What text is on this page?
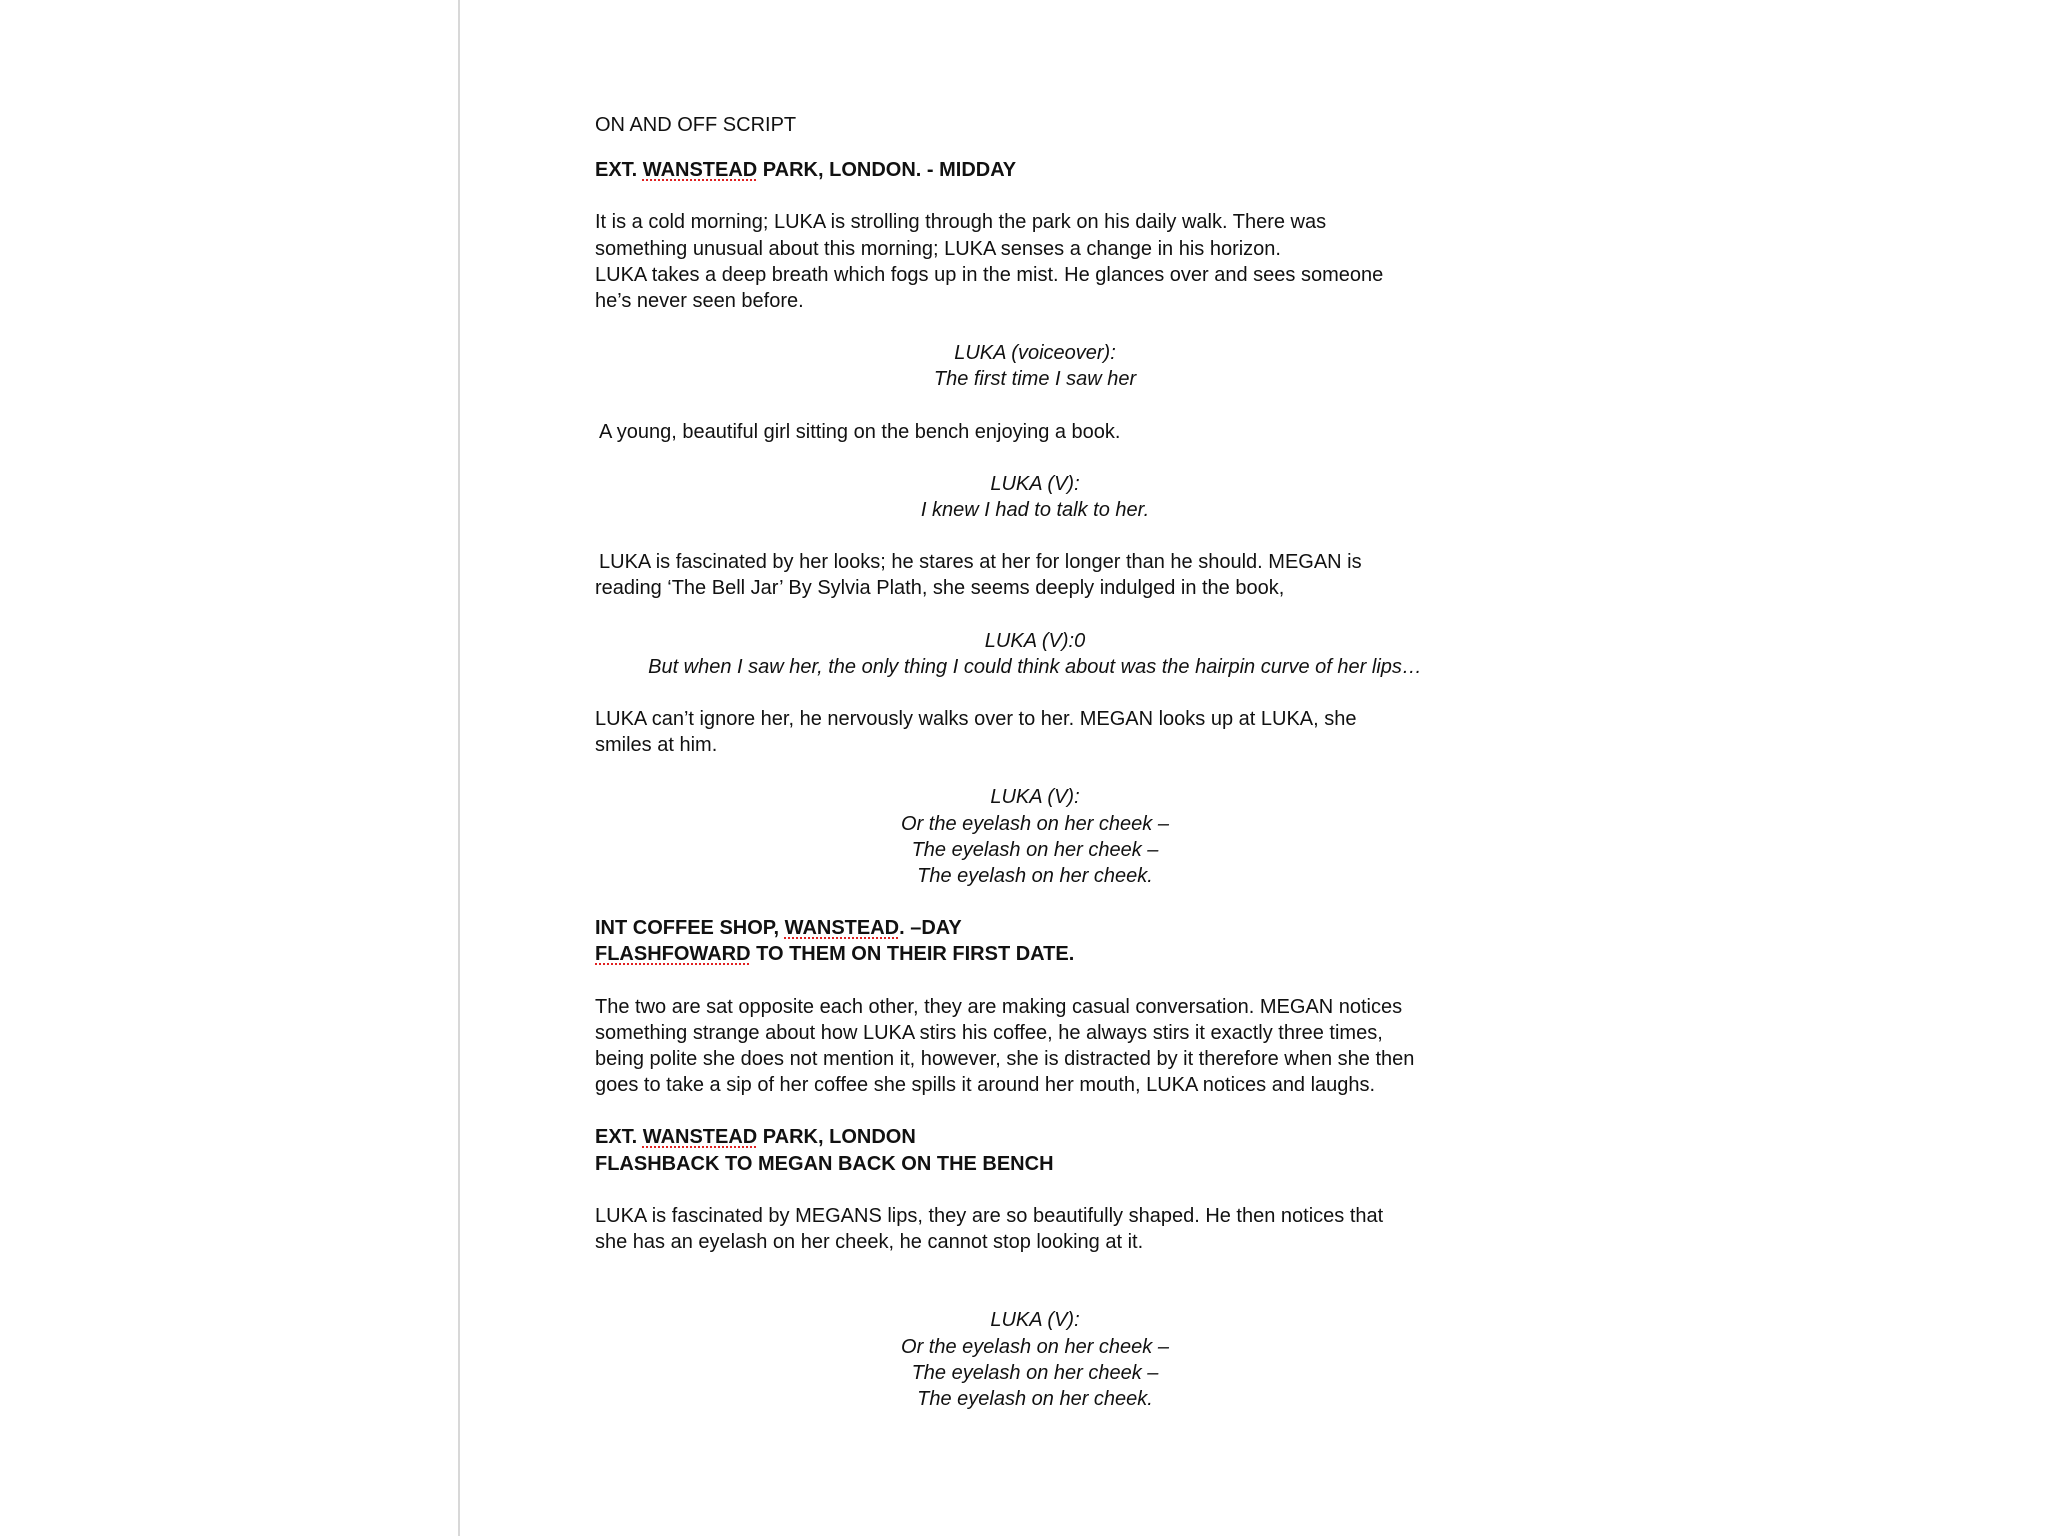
ON AND OFF SCRIPT

EXT. WANSTEAD PARK, LONDON. - MIDDAY

It is a cold morning; LUKA is strolling through the park on his daily walk. There was
something unusual about this morning; LUKA senses a change in his horizon.
LUKA takes a deep breath which fogs up in the mist. He glances over and sees someone
he’s never seen before.

LUKA (voiceover):
The first time I saw her

A young, beautiful girl sitting on the bench enjoying a book.

LUKA (V):
I knew I had to talk to her.

LUKA is fascinated by her looks; he stares at her for longer than he should. MEGAN is
reading ‘The Bell Jar’ By Sylvia Plath, she seems deeply indulged in the book,

LUKA (V):0
But when I saw her, the only thing I could think about was the hairpin curve of her lips…

LUKA can’t ignore her, he nervously walks over to her. MEGAN looks up at LUKA, she
smiles at him.

LUKA (V):
Or the eyelash on her cheek –
The eyelash on her cheek –
The eyelash on her cheek.

INT COFFEE SHOP, WANSTEAD. –DAY
FLASHFOWARD TO THEM ON THEIR FIRST DATE.

The two are sat opposite each other, they are making casual conversation. MEGAN notices
something strange about how LUKA stirs his coffee, he always stirs it exactly three times,
being polite she does not mention it, however, she is distracted by it therefore when she then
goes to take a sip of her coffee she spills it around her mouth, LUKA notices and laughs.

EXT. WANSTEAD PARK, LONDON
FLASHBACK TO MEGAN BACK ON THE BENCH

LUKA is fascinated by MEGANS lips, they are so beautifully shaped. He then notices that
she has an eyelash on her cheek, he cannot stop looking at it.

LUKA (V):
Or the eyelash on her cheek –
The eyelash on her cheek –
The eyelash on her cheek.
